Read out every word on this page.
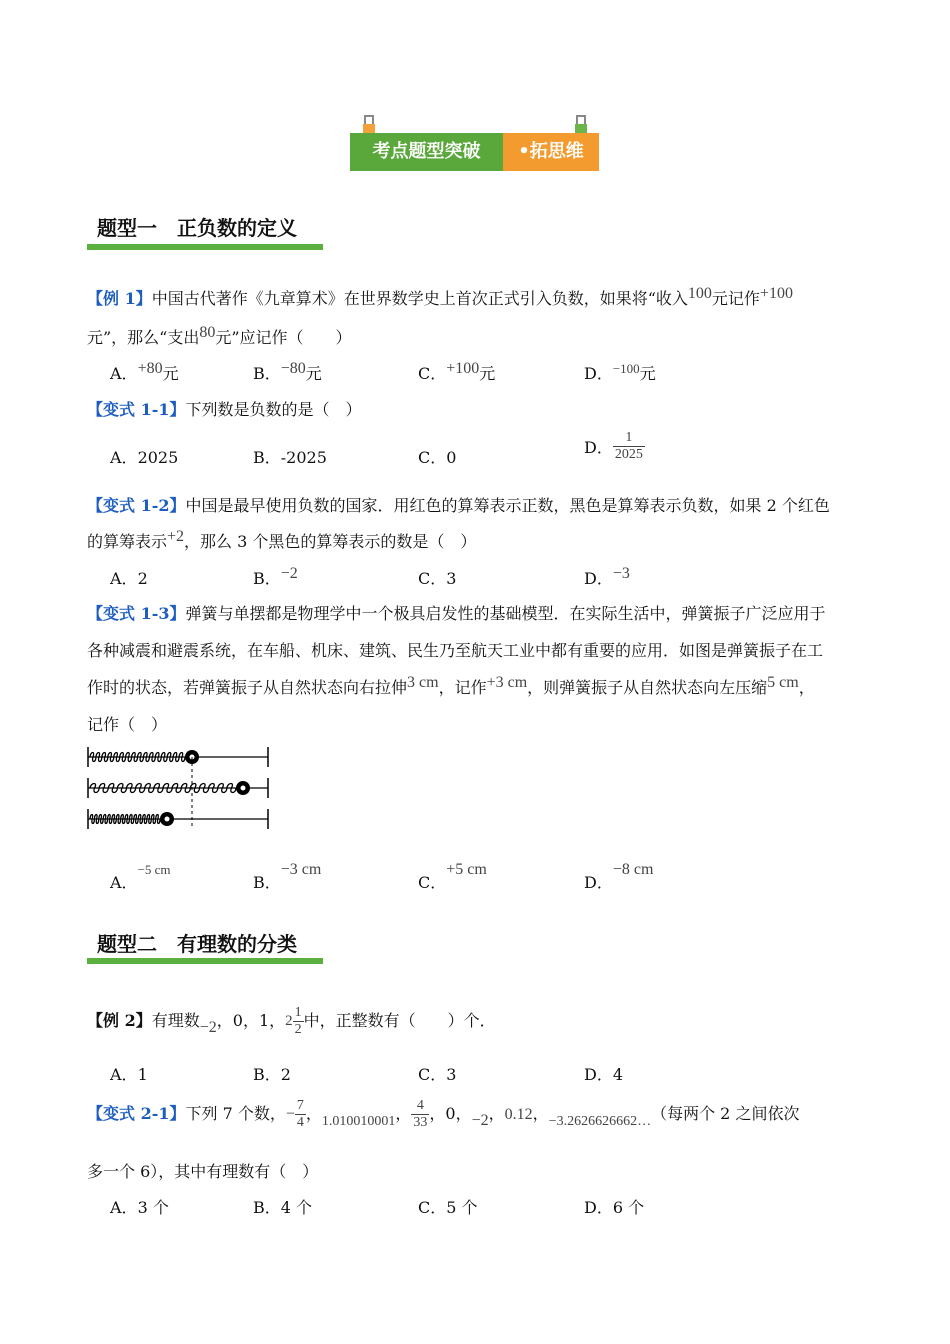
考点题型突破	•拓思维
题型一　正负数的定义
【例 1】中国古代著作《九章算术》在世界数学史上首次正式引入负数，如果将“收入100元记作+100
元”，那么“支出80元”应记作（　　）
A．+80元	B．−80元	C．+100元	D．$^{-100}$元
【变式 1-1】下列数是负数的是（　）
A．2025	B．-2025	C．0
D． $\frac{1}{2025}$
【变式 1-2】中国是最早使用负数的国家．用红色的算筹表示正数，黑色是算筹表示负数，如果 2 个红色
的算筹表示+2，那么 3 个黑色的算筹表示的数是（　）
A．2	B．−2	C．3	D．−3
【变式 1-3】弹簧与单摆都是物理学中一个极具启发性的基础模型．在实际生活中，弹簧振子广泛应用于
各种减震和避震系统，在车船、机床、建筑、民生乃至航天工业中都有重要的应用．如图是弹簧振子在工
作时的状态，若弹簧振子从自然状态向右拉伸3 cm，记作+3 cm，则弹簧振子从自然状态向左压缩5 cm，
记作（　）
A．−5 cm
B．−3 cm
C．+5 cm
D．−8 cm
题型二　有理数的分类
【例 2】有理数−2，0，1，$2 \frac{1}{2}$ 中，正整数有（　　）个．
A．1	B．2	C．3	D．4
【变式 2-1】下列 7 个数，− $\frac{7}{4}$ ，1.010010001， $\frac{4}{33}$ ，0，−2，0.12，−3.2626626662…（每两个 2 之间依次
多一个 6），其中有理数有（　）
A．3 个	B．4 个	C．5 个	D．6 个
